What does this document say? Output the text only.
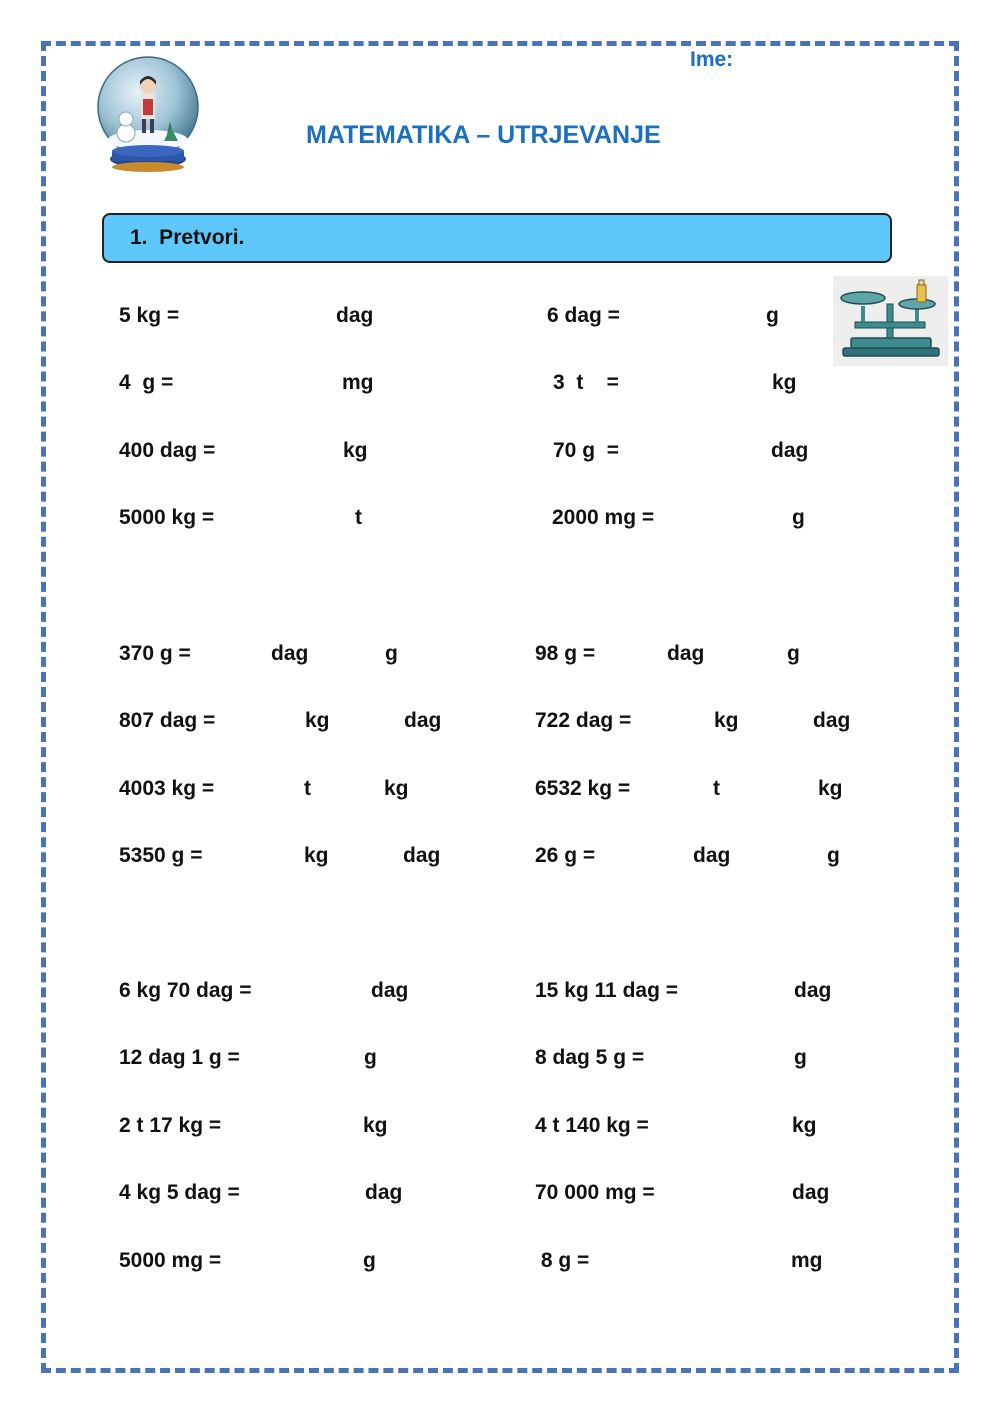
Ime:
MATEMATIKA – UTRJEVANJE
1.  Pretvori.
5 kg =	dag	6 dag =	g
4  g =	mg	3  t    =	kg
400 dag =	kg	70 g  =	dag
5000 kg =	t	2000 mg =	g
370 g =	dag	g	98 g =	dag	g
807 dag =	kg	dag	722 dag =	kg	dag
4003 kg =	t	kg	6532 kg =	t	kg
5350 g =	kg	dag	26 g =	dag	g
6 kg 70 dag =	dag	15 kg 11 dag =	dag
12 dag 1 g =	g	8 dag 5 g =	g
2 t 17 kg =	kg	4 t 140 kg =	kg
4 kg 5 dag =	dag	70 000 mg =	dag
5000 mg =	g	8 g =	mg
